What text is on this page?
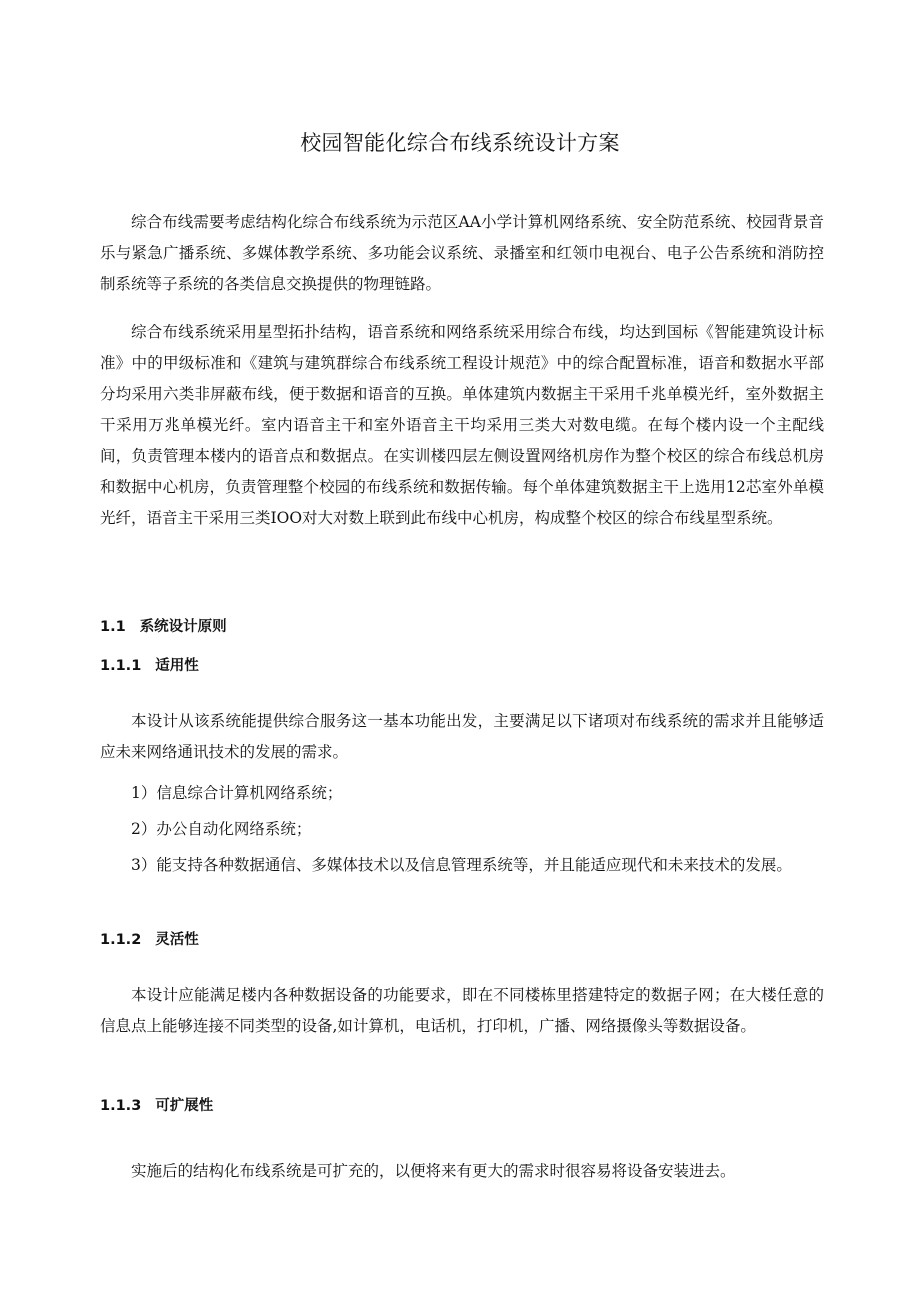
校园智能化综合布线系统设计方案

综合布线需要考虑结构化综合布线系统为示范区AA小学计算机网络系统、安全防范系统、校园背景音乐与紧急广播系统、多媒体教学系统、多功能会议系统、录播室和红领巾电视台、电子公告系统和消防控制系统等子系统的各类信息交换提供的物理链路。

综合布线系统采用星型拓扑结构，语音系统和网络系统采用综合布线，均达到国标《智能建筑设计标准》中的甲级标准和《建筑与建筑群综合布线系统工程设计规范》中的综合配置标准，语音和数据水平部分均采用六类非屏蔽布线，便于数据和语音的互换。单体建筑内数据主干采用千兆单模光纤，室外数据主干采用万兆单模光纤。室内语音主干和室外语音主干均采用三类大对数电缆。在每个楼内设一个主配线间，负责管理本楼内的语音点和数据点。在实训楼四层左侧设置网络机房作为整个校区的综合布线总机房和数据中心机房，负责管理整个校园的布线系统和数据传输。每个单体建筑数据主干上选用12芯室外单模光纤，语音主干采用三类IOO对大对数上联到此布线中心机房，构成整个校区的综合布线星型系统。

1.1 系统设计原则
1.1.1 适用性

本设计从该系统能提供综合服务这一基本功能出发，主要满足以下诸项对布线系统的需求并且能够适应未来网络通讯技术的发展的需求。

1）信息综合计算机网络系统；

2）办公自动化网络系统；

3）能支持各种数据通信、多媒体技术以及信息管理系统等，并且能适应现代和未来技术的发展。

1.1.2 灵活性

本设计应能满足楼内各种数据设备的功能要求，即在不同楼栋里搭建特定的数据子网；在大楼任意的信息点上能够连接不同类型的设备,如计算机，电话机，打印机，广播、网络摄像头等数据设备。

1.1.3 可扩展性

实施后的结构化布线系统是可扩充的，以便将来有更大的需求时很容易将设备安装进去。
